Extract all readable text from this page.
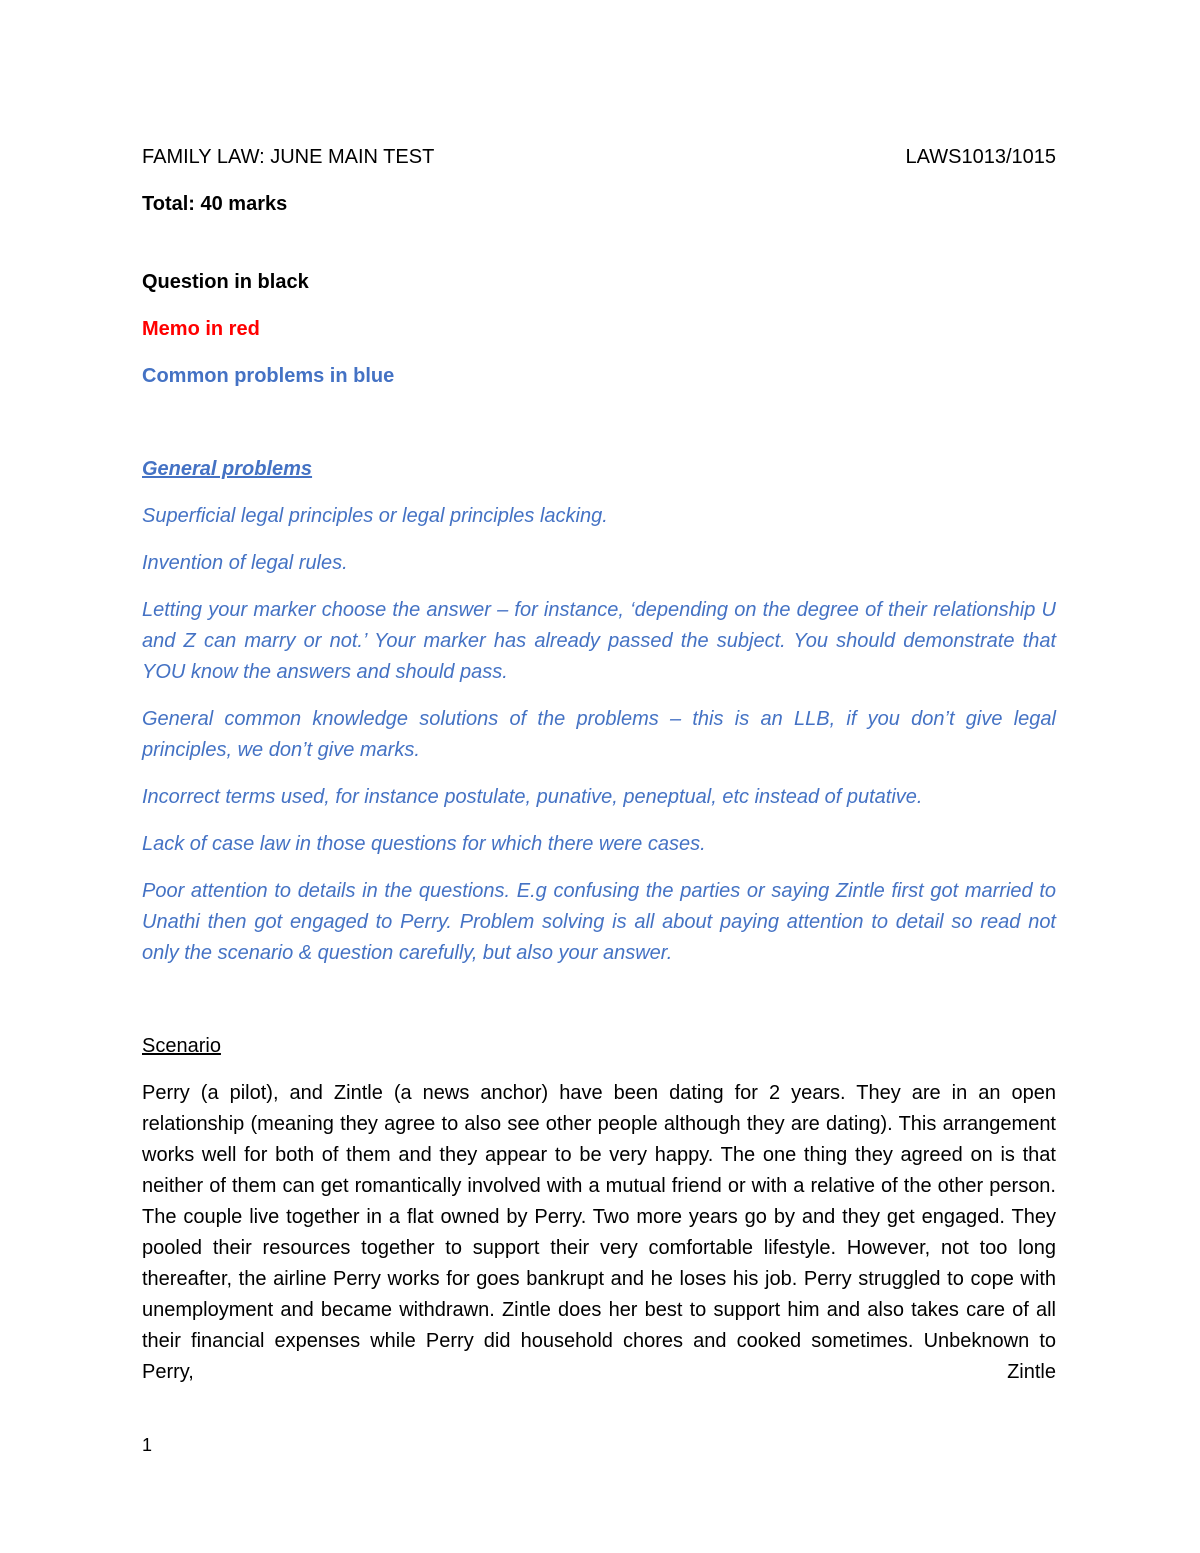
FAMILY LAW: JUNE MAIN TEST	LAWS1013/1015

Total: 40 marks

Question in black

Memo in red

Common problems in blue

General problems

Superficial legal principles or legal principles lacking.

Invention of legal rules.

Letting your marker choose the answer – for instance, ‘depending on the degree of their relationship U and Z can marry or not.’ Your marker has already passed the subject. You should demonstrate that YOU know the answers and should pass.

General common knowledge solutions of the problems – this is an LLB, if you don’t give legal principles, we don’t give marks.

Incorrect terms used, for instance postulate, punative, peneptual, etc instead of putative.

Lack of case law in those questions for which there were cases.

Poor attention to details in the questions. E.g confusing the parties or saying Zintle first got married to Unathi then got engaged to Perry. Problem solving is all about paying attention to detail so read not only the scenario & question carefully, but also your answer.

Scenario

Perry (a pilot), and Zintle (a news anchor) have been dating for 2 years. They are in an open relationship (meaning they agree to also see other people although they are dating). This arrangement works well for both of them and they appear to be very happy. The one thing they agreed on is that neither of them can get romantically involved with a mutual friend or with a relative of the other person. The couple live together in a flat owned by Perry. Two more years go by and they get engaged. They pooled their resources together to support their very comfortable lifestyle. However, not too long thereafter, the airline Perry works for goes bankrupt and he loses his job. Perry struggled to cope with unemployment and became withdrawn. Zintle does her best to support him and also takes care of all their financial expenses while Perry did household chores and cooked sometimes. Unbeknown to Perry, Zintle

1
